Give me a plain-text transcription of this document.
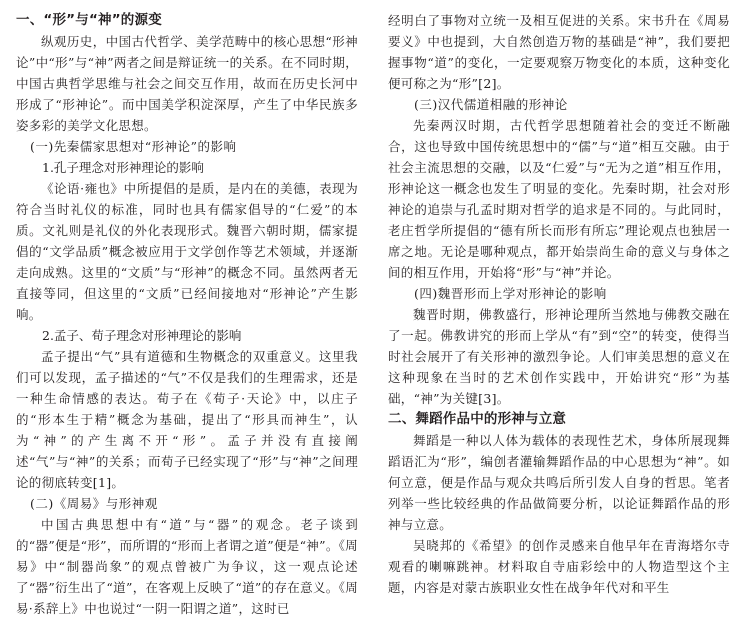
一、“形”与“神”的源变

纵观历史，中国古代哲学、美学范畴中的核心思想“形神论”中“形”与“神”两者之间是辩证统一的关系。在不同时期，中国古典哲学思维与社会之间交互作用，故而在历史长河中形成了“形神论”。而中国美学积淀深厚，产生了中华民族多姿多彩的美学文化思想。

(一)先秦儒家思想对“形神论”的影响

1.孔子理念对形神理论的影响

《论语·雍也》中所提倡的是质，是内在的美德，表现为符合当时礼仪的标准，同时也具有儒家倡导的“仁爱”的本质。文礼则是礼仪的外化表现形式。魏晋六朝时期，儒家提倡的“文学品质”概念被应用于文学创作等艺术领域，并逐渐走向成熟。这里的“文质”与“形神”的概念不同。虽然两者无直接等同，但这里的“文质”已经间接地对“形神论”产生影响。

2.孟子、荀子理念对形神理论的影响

孟子提出“气”具有道德和生物概念的双重意义。这里我们可以发现，孟子描述的“气”不仅是我们的生理需求，还是一种生命情感的表达。荀子在《荀子·天论》中，以庄子的“形本生于精”概念为基础，提出了“形具而神生”，认为“神”的产生离不开“形”。孟子并没有直接阐述“气”与“神”的关系；而荀子已经实现了“形”与“神”之间理论的彻底转变[1]。

(二)《周易》与形神观

中国古典思想中有“道”与“器”的观念。老子谈到的“器”便是“形”，而所谓的“形而上者谓之道”便是“神”。《周易》中“制器尚象”的观点曾被广为争议，这一观点论述了“器”衍生出了“道”，在客观上反映了“道”的存在意义。《周易·系辞上》中也说过“一阴一阳谓之道”，这时已

经明白了事物对立统一及相互促进的关系。宋书升在《周易要义》中也提到，大自然创造万物的基础是“神”，我们要把握事物“道”的变化，一定要观察万物变化的本质，这种变化便可称之为“形”[2]。

(三)汉代儒道相融的形神论

先秦两汉时期，古代哲学思想随着社会的变迁不断融合，这也导致中国传统思想中的“儒”与“道”相互交融。由于社会主流思想的交融，以及“仁爱”与“无为之道”相互作用，形神论这一概念也发生了明显的变化。先秦时期，社会对形神论的追崇与孔孟时期对哲学的追求是不同的。与此同时，老庄哲学所提倡的“德有所长而形有所忘”理论观点也独居一席之地。无论是哪种观点，都开始崇尚生命的意义与身体之间的相互作用，开始将“形”与“神”并论。

(四)魏晋形而上学对形神论的影响

魏晋时期，佛教盛行，形神论理所当然地与佛教交融在了一起。佛教讲究的形而上学从“有”到“空”的转变，使得当时社会展开了有关形神的激烈争论。人们审美思想的意义在这种现象在当时的艺术创作实践中，开始讲究“形”为基础，“神”为关键[3]。

二、舞蹈作品中的形神与立意

舞蹈是一种以人体为载体的表现性艺术，身体所展现舞蹈语汇为“形”，编创者灌输舞蹈作品的中心思想为“神”。如何立意，便是作品与观众共鸣后所引发人自身的哲思。笔者列举一些比较经典的作品做简要分析，以论证舞蹈作品的形神与立意。

吴晓邦的《希望》的创作灵感来自他早年在青海塔尔寺观看的喇嘛跳神。材料取自寺庙彩绘中的人物造型这个主题，内容是对蒙古族职业女性在战争年代对和平生
